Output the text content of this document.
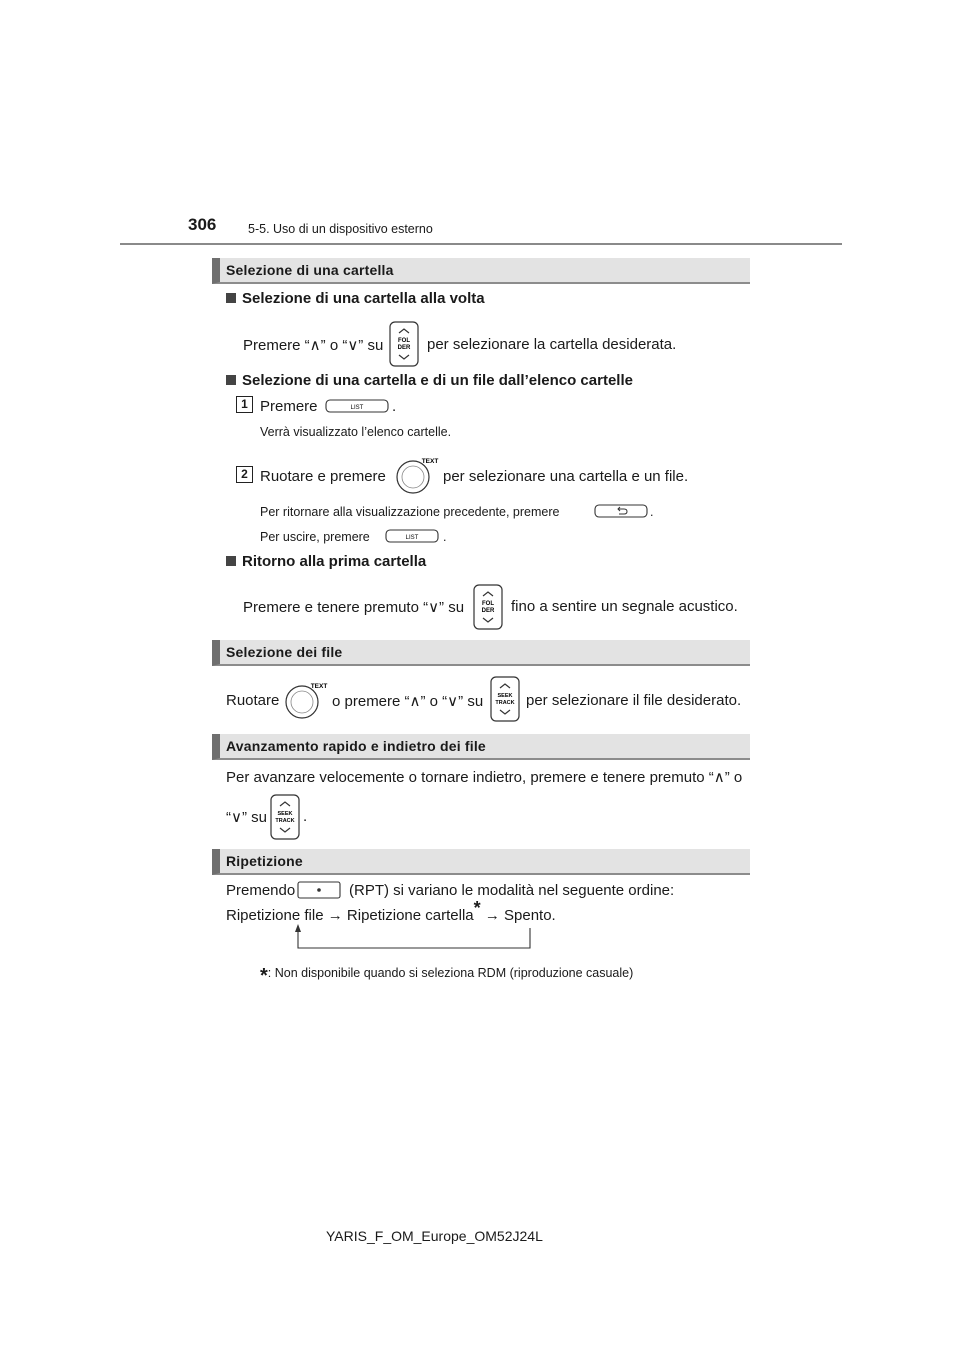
306	5-5. Uso di un dispositivo esterno
Selezione di una cartella
Selezione di una cartella alla volta
Premere “∧” o “∨” su FOL
DER per selezionare la cartella desiderata.
Selezione di una cartella e di un file dall’elenco cartelle
1 Premere	LIST .
Verrà visualizzato l’elenco cartelle.
2 Ruotare e premere
TEXT
per selezionare una cartella e un file.
Per ritornare alla visualizzazione precedente, premere	.
Per uscire, premere	LIST .
Ritorno alla prima cartella
Premere e tenere premuto “∨” su	FOL
DER fino a sentire un segnale acustico.
Selezione dei file
Ruotare
TEXT
o premere “∧” o “∨” su	SEEK
TRACK per selezionare il file desiderato.
Avanzamento rapido e indietro dei file
Per avanzare velocemente o tornare indietro, premere e tenere premuto “∧” o
“∨” su SEEK
TRACK .
Ripetizione
Premendo	(RPT) si variano le modalità nel seguente ordine:
Ripetizione file → Ripetizione cartella* → Spento.
*: Non disponibile quando si seleziona RDM (riproduzione casuale)
YARIS_F_OM_Europe_OM52J24L
